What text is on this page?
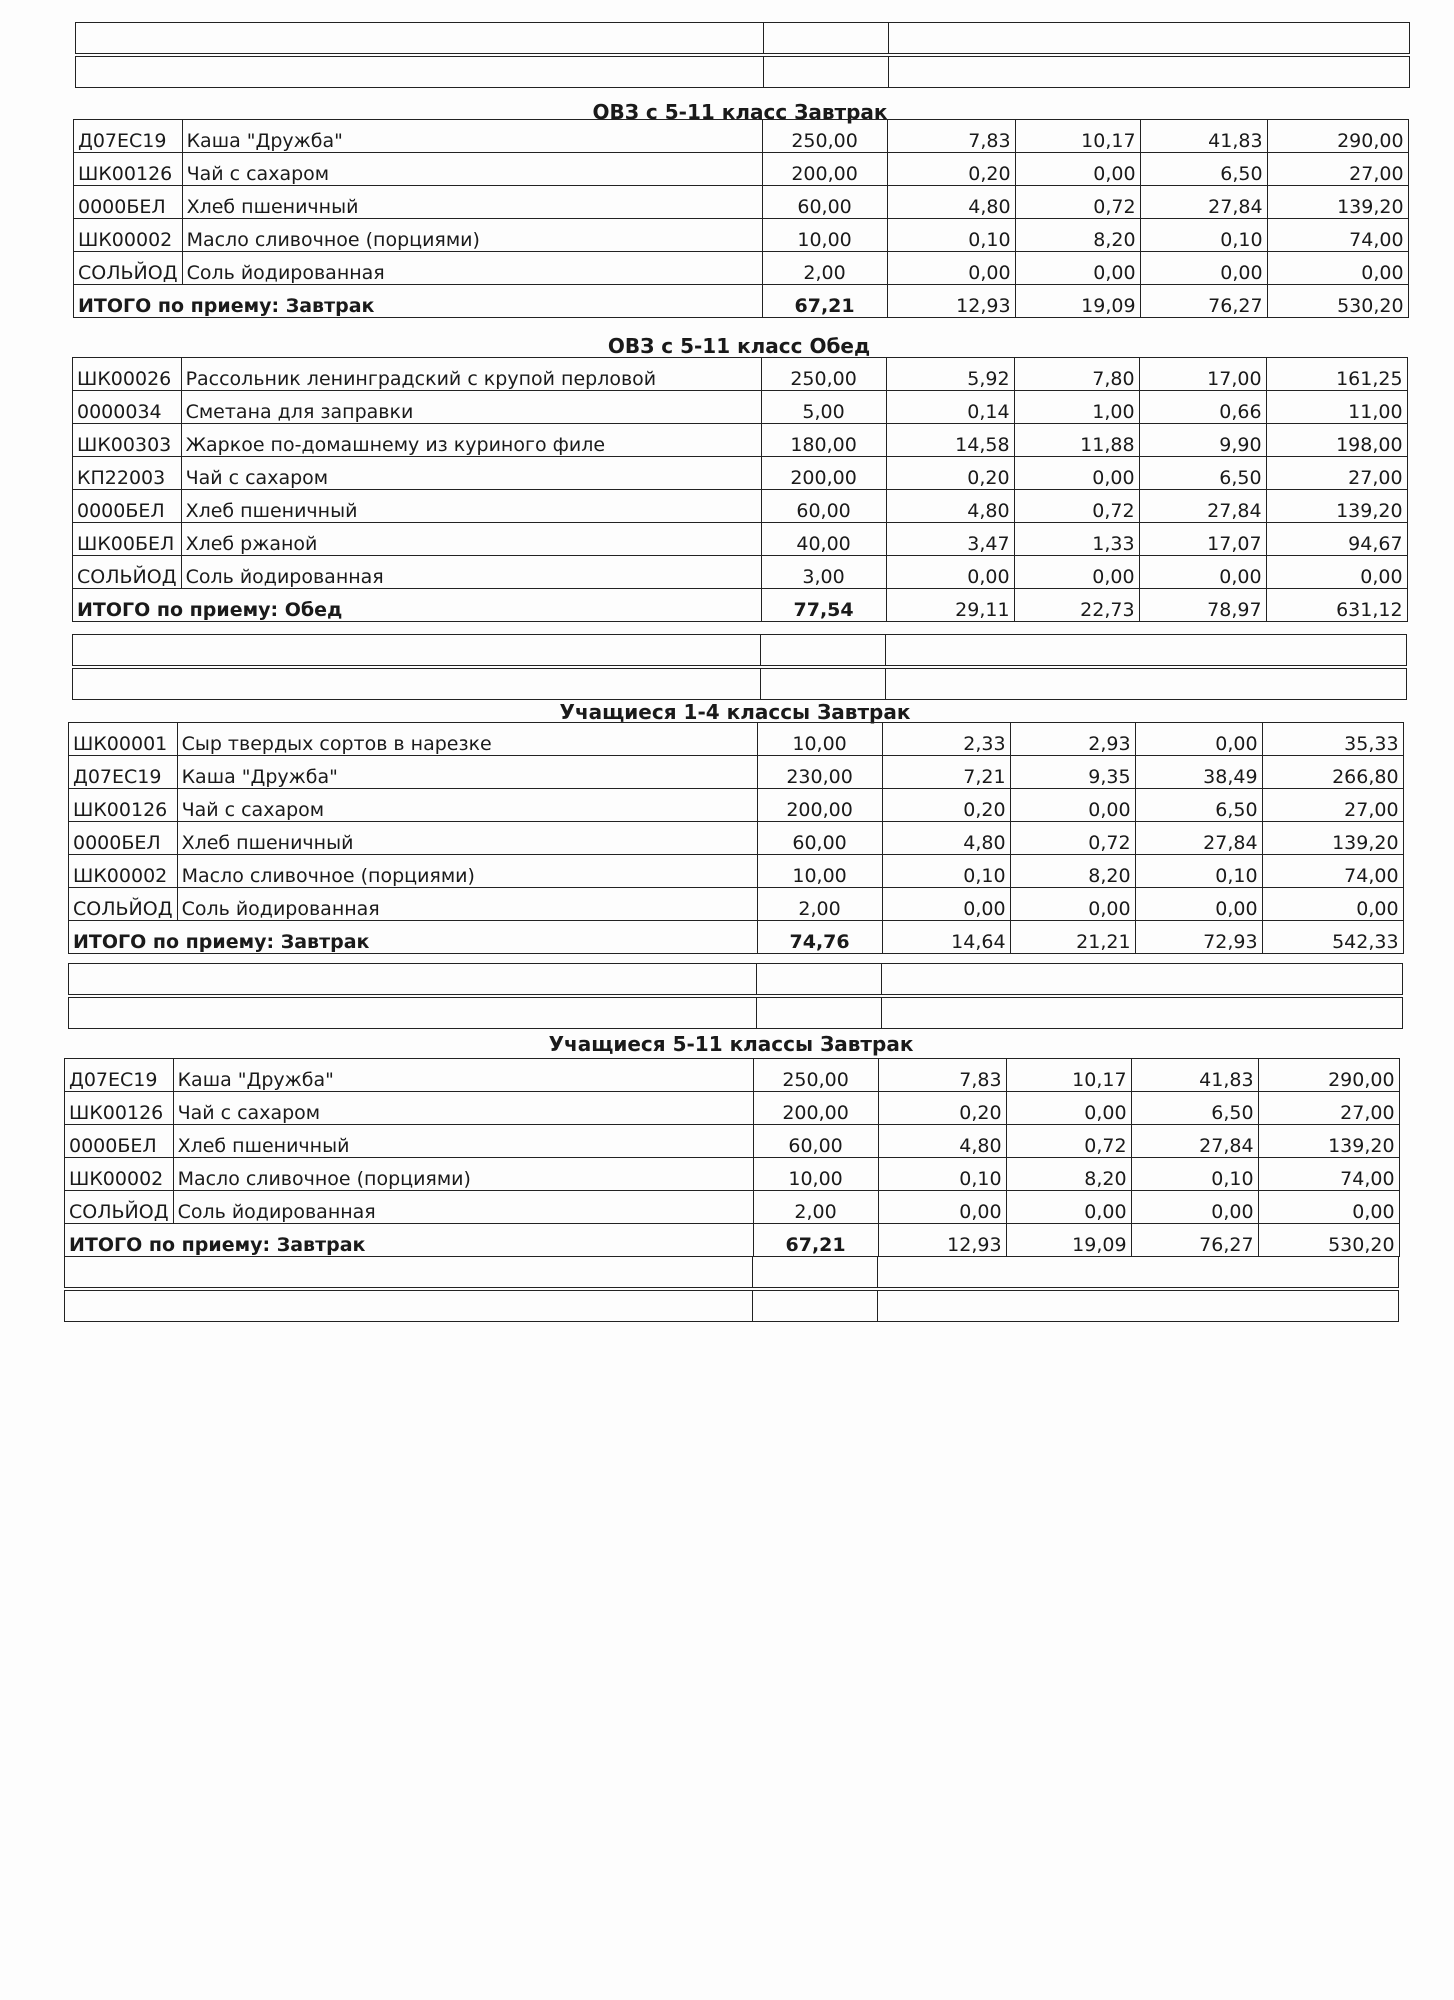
ОВЗ с 5-11 класс Завтрак
Д07ЕС19	Каша "Дружба"	250,00	7,83	10,17	41,83	290,00
ШК00126	Чай с сахаром	200,00	0,20	0,00	6,50	27,00
0000БЕЛ	Хлеб пшеничный	60,00	4,80	0,72	27,84	139,20
ШК00002	Масло сливочное (порциями)	10,00	0,10	8,20	0,10	74,00
СОЛЬЙОД	Соль йодированная	2,00	0,00	0,00	0,00	0,00
ИТОГО по приему: Завтрак		67,21	12,93	19,09	76,27	530,20
ОВЗ с 5-11 класс Обед
ШК00026	Рассольник ленинградский с крупой перловой	250,00	5,92	7,80	17,00	161,25
0000034	Сметана для заправки	5,00	0,14	1,00	0,66	11,00
ШК00303	Жаркое по-домашнему из куриного филе	180,00	14,58	11,88	9,90	198,00
КП22003	Чай с сахаром	200,00	0,20	0,00	6,50	27,00
0000БЕЛ	Хлеб пшеничный	60,00	4,80	0,72	27,84	139,20
ШК00БЕЛ	Хлеб ржаной	40,00	3,47	1,33	17,07	94,67
СОЛЬЙОД	Соль йодированная	3,00	0,00	0,00	0,00	0,00
ИТОГО по приему: Обед		77,54	29,11	22,73	78,97	631,12

Учащиеся 1-4 классы Завтрак
ШК00001	Сыр твердых сортов в нарезке	10,00	2,33	2,93	0,00	35,33
Д07ЕС19	Каша "Дружба"	230,00	7,21	9,35	38,49	266,80
ШК00126	Чай с сахаром	200,00	0,20	0,00	6,50	27,00
0000БЕЛ	Хлеб пшеничный	60,00	4,80	0,72	27,84	139,20
ШК00002	Масло сливочное (порциями)	10,00	0,10	8,20	0,10	74,00
СОЛЬЙОД	Соль йодированная	2,00	0,00	0,00	0,00	0,00
ИТОГО по приему: Завтрак		74,76	14,64	21,21	72,93	542,33

Учащиеся 5-11 классы Завтрак
Д07ЕС19	Каша "Дружба"	250,00	7,83	10,17	41,83	290,00
ШК00126	Чай с сахаром	200,00	0,20	0,00	6,50	27,00
0000БЕЛ	Хлеб пшеничный	60,00	4,80	0,72	27,84	139,20
ШК00002	Масло сливочное (порциями)	10,00	0,10	8,20	0,10	74,00
СОЛЬЙОД	Соль йодированная	2,00	0,00	0,00	0,00	0,00
ИТОГО по приему: Завтрак		67,21	12,93	19,09	76,27	530,20
